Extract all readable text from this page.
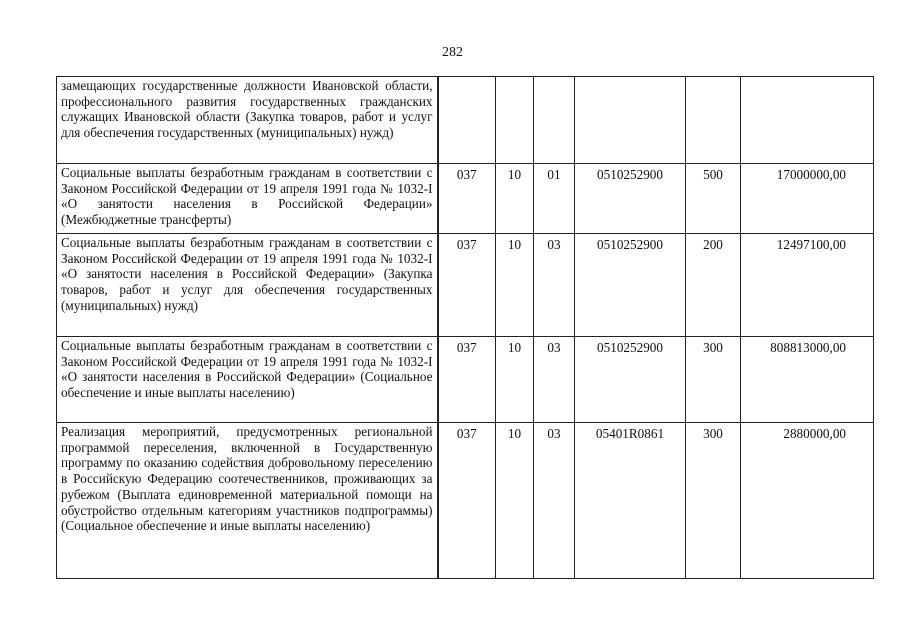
282
замещающих государственные должности Ивановской области, профессионального развития государственных гражданских служащих Ивановской области (Закупка товаров, работ и услуг для обеспечения государственных (муниципальных) нужд)						
Социальные выплаты безработным гражданам в соответствии с Законом Российской Федерации от 19 апреля 1991 года № 1032-I «О занятости населения в Российской Федерации» (Межбюджетные трансферты)	037	10	01	0510252900	500	17000000,00
Социальные выплаты безработным гражданам в соответствии с Законом Российской Федерации от 19 апреля 1991 года № 1032-I «О занятости населения в Российской Федерации» (Закупка товаров, работ и услуг для обеспечения государственных (муниципальных) нужд)	037	10	03	0510252900	200	12497100,00
Социальные выплаты безработным гражданам в соответствии с Законом Российской Федерации от 19 апреля 1991 года № 1032-I «О занятости населения в Российской Федерации» (Социальное обеспечение и иные выплаты населению)	037	10	03	0510252900	300	808813000,00
Реализация мероприятий, предусмотренных региональной программой переселения, включенной в Государственную программу по оказанию содействия добровольному переселению в Российскую Федерацию соотечественников, проживающих за рубежом (Выплата единовременной материальной помощи на обустройство отдельным категориям участников подпрограммы) (Социальное обеспечение и иные выплаты населению)	037	10	03	05401R0861	300	2880000,00
